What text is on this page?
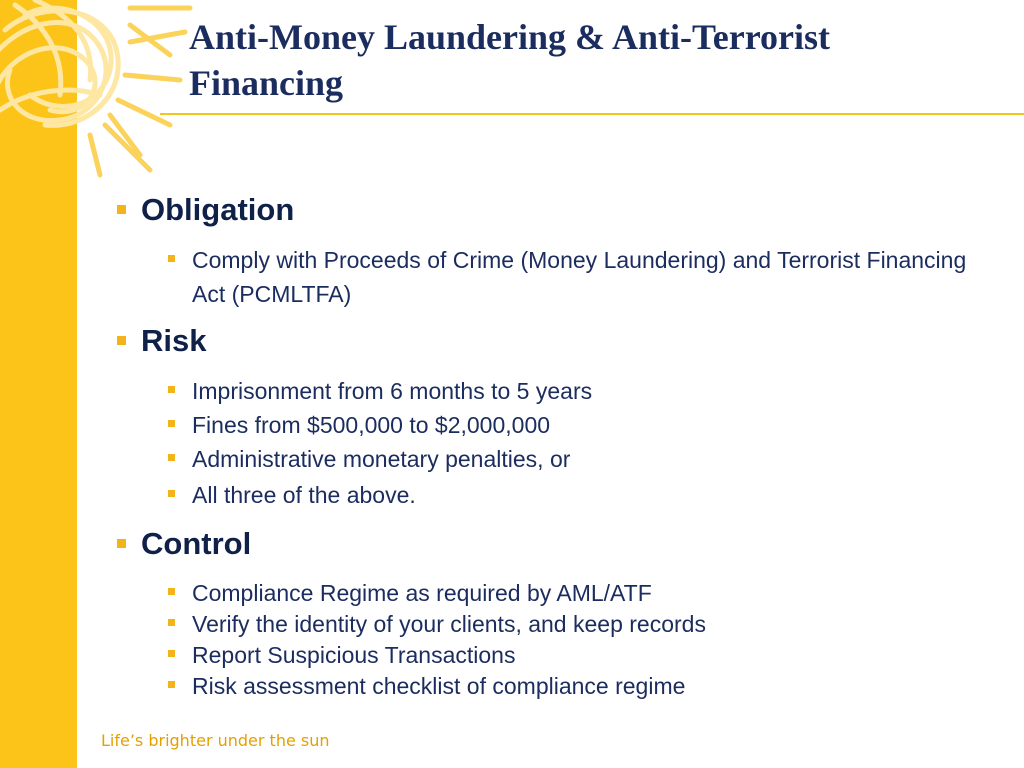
Anti-Money Laundering & Anti-Terrorist Financing
Obligation
Comply with Proceeds of Crime (Money Laundering) and Terrorist Financing Act (PCMLTFA)
Risk
Imprisonment from 6 months to 5 years
Fines from $500,000 to $2,000,000
Administrative monetary penalties, or
All three of the above.
Control
Compliance Regime as required by AML/ATF
Verify the identity of your clients, and keep records
Report Suspicious Transactions
Risk assessment checklist of compliance regime
Life’s brighter under the sun
